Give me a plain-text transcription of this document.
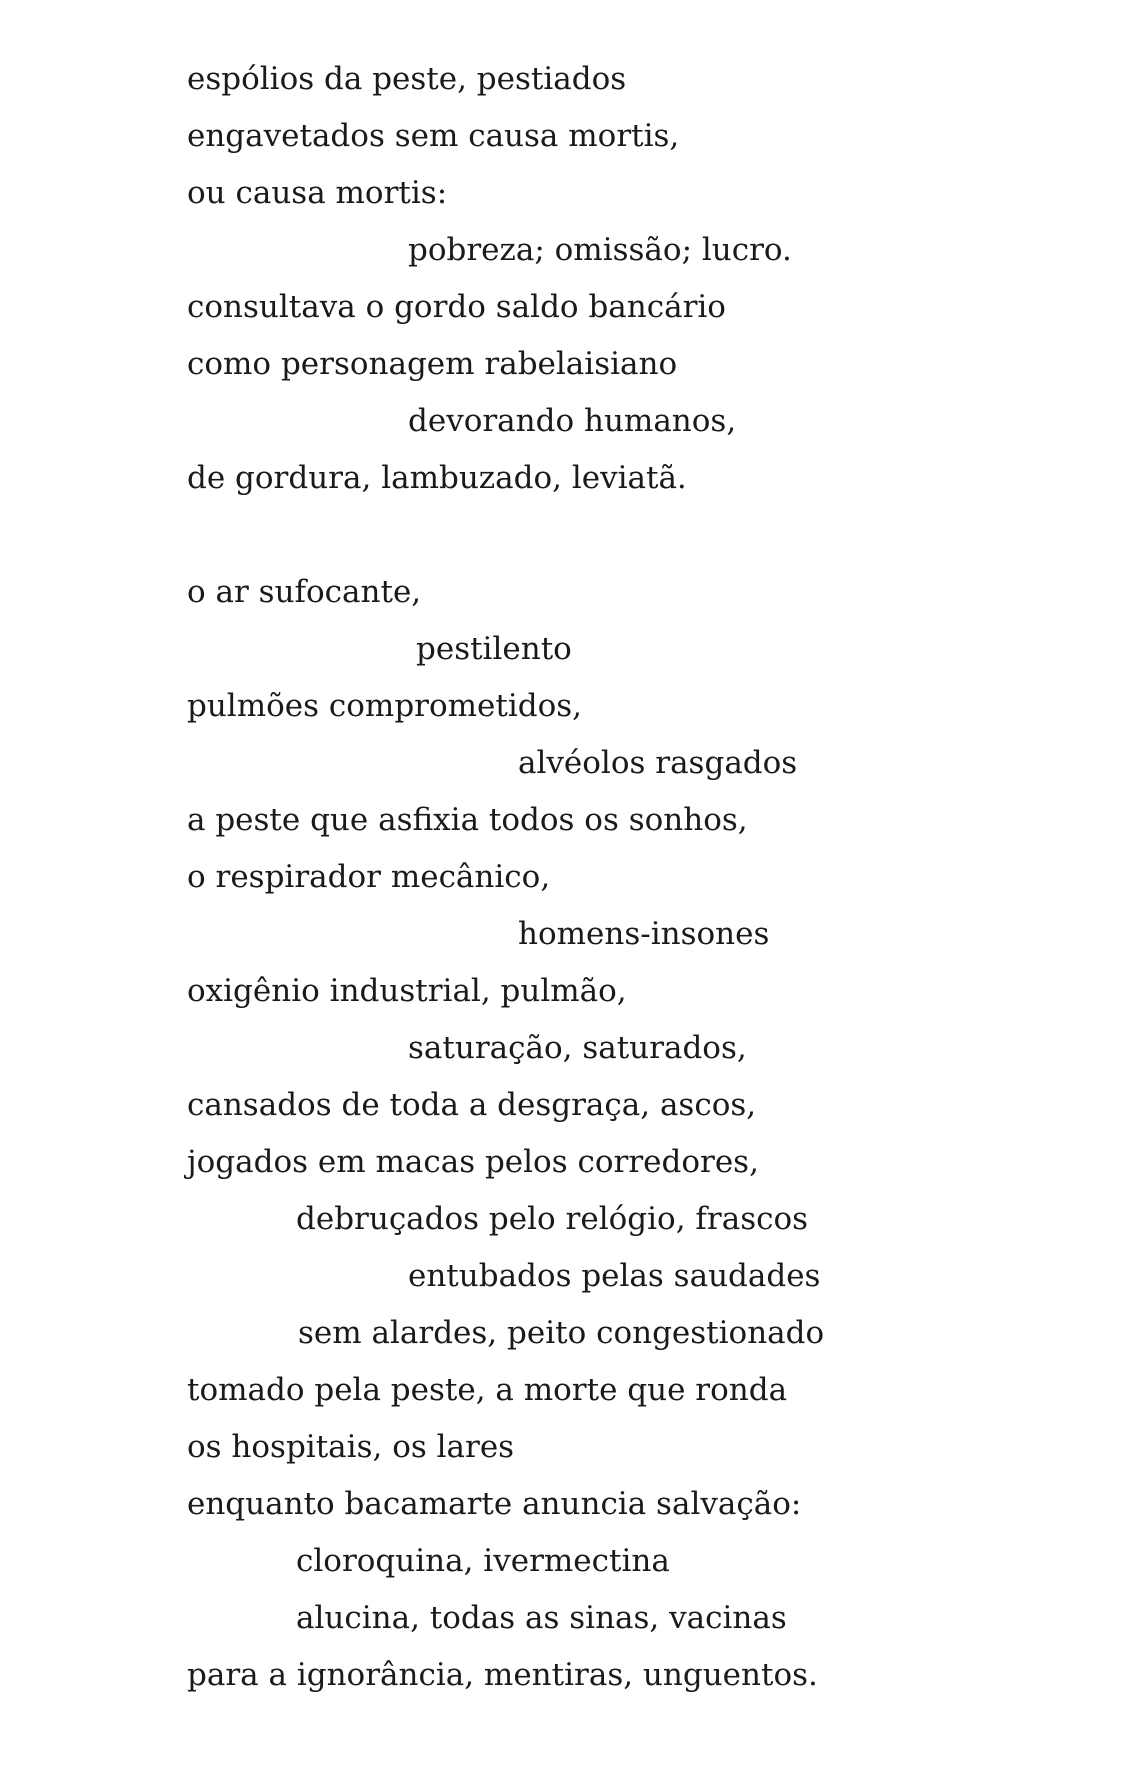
espólios da peste, pestiados
engavetados sem causa mortis,
ou causa mortis:
pobreza; omissão; lucro.
consultava o gordo saldo bancário
como personagem rabelaisiano
devorando humanos,
de gordura, lambuzado, leviatã.
o ar sufocante,
pestilento
pulmões comprometidos,
alvéolos rasgados
a peste que asfixia todos os sonhos,
o respirador mecânico,
homens-insones
oxigênio industrial, pulmão,
saturação, saturados,
cansados de toda a desgraça, ascos,
jogados em macas pelos corredores,
debruçados pelo relógio, frascos
entubados pelas saudades
sem alardes, peito congestionado
tomado pela peste, a morte que ronda
os hospitais, os lares
enquanto bacamarte anuncia salvação:
cloroquina, ivermectina
alucina, todas as sinas, vacinas
para a ignorância, mentiras, unguentos.
